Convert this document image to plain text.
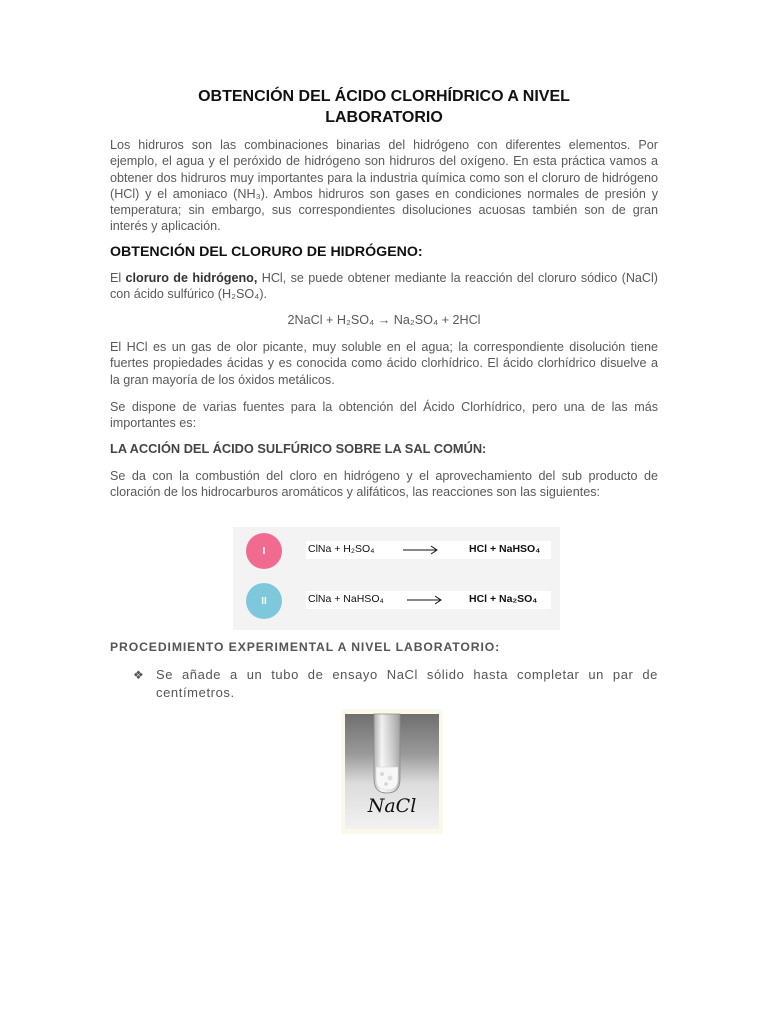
OBTENCIÓN DEL ÁCIDO CLORHÍDRICO A NIVEL LABORATORIO

Los hidruros son las combinaciones binarias del hidrógeno con diferentes elementos. Por ejemplo, el agua y el peróxido de hidrógeno son hidruros del oxígeno. En esta práctica vamos a obtener dos hidruros muy importantes para la industria química como son el cloruro de hidrógeno (HCl) y el amoniaco (NH₃). Ambos hidruros son gases en condiciones normales de presión y temperatura; sin embargo, sus correspondientes disoluciones acuosas también son de gran interés y aplicación.

OBTENCIÓN DEL CLORURO DE HIDRÓGENO:

El cloruro de hidrógeno, HCl, se puede obtener mediante la reacción del cloruro sódico (NaCl) con ácido sulfúrico (H₂SO₄).

2NaCl + H₂SO₄ → Na₂SO₄ + 2HCl

El HCl es un gas de olor picante, muy soluble en el agua; la correspondiente disolución tiene fuertes propiedades ácidas y es conocida como ácido clorhídrico. El ácido clorhídrico disuelve a la gran mayoría de los óxidos metálicos.

Se dispone de varias fuentes para la obtención del Ácido Clorhídrico, pero una de las más importantes es:

LA ACCIÓN DEL ÁCIDO SULFÚRICO SOBRE LA SAL COMÚN:

Se da con la combustión del cloro en hidrógeno y el aprovechamiento del sub producto de cloración de los hidrocarburos aromáticos y alifáticos, las reacciones son las siguientes:

I	ClNa + H₂SO₄	HCl + NaHSO₄
II	ClNa + NaHSO₄	HCl + Na₂SO₄
PROCEDIMIENTO EXPERIMENTAL A NIVEL LABORATORIO:
❖ Se añade a un tubo de ensayo NaCl sólido hasta completar un par de centímetros.

NaCl
